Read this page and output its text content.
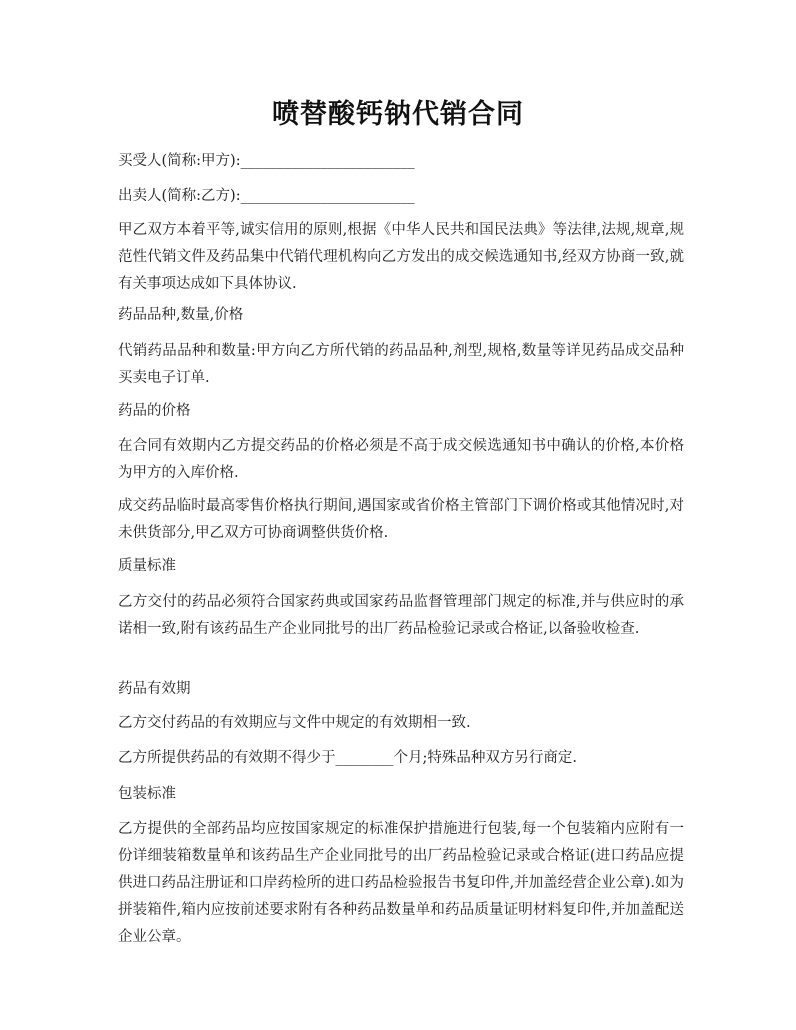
喷替酸钙钠代销合同

买受人(简称:甲方):________________________

出卖人(简称:乙方):________________________

甲乙双方本着平等,诚实信用的原则,根据《中华人民共和国民法典》等法律,法规,规章,规范性代销文件及药品集中代销代理机构向乙方发出的成交候选通知书,经双方协商一致,就有关事项达成如下具体协议.

药品品种,数量,价格

代销药品品种和数量:甲方向乙方所代销的药品品种,剂型,规格,数量等详见药品成交品种买卖电子订单.

药品的价格

在合同有效期内乙方提交药品的价格必须是不高于成交候选通知书中确认的价格,本价格为甲方的入库价格.

成交药品临时最高零售价格执行期间,遇国家或省价格主管部门下调价格或其他情况时,对未供货部分,甲乙双方可协商调整供货价格.

质量标准

乙方交付的药品必须符合国家药典或国家药品监督管理部门规定的标准,并与供应时的承诺相一致,附有该药品生产企业同批号的出厂药品检验记录或合格证,以备验收检查.

药品有效期

乙方交付药品的有效期应与文件中规定的有效期相一致.

乙方所提供药品的有效期不得少于________个月;特殊品种双方另行商定.

包装标准

乙方提供的全部药品均应按国家规定的标准保护措施进行包装,每一个包装箱内应附有一份详细装箱数量单和该药品生产企业同批号的出厂药品检验记录或合格证(进口药品应提供进口药品注册证和口岸药检所的进口药品检验报告书复印件,并加盖经营企业公章).如为拼装箱件,箱内应按前述要求附有各种药品数量单和药品质量证明材料复印件,并加盖配送企业公章。
